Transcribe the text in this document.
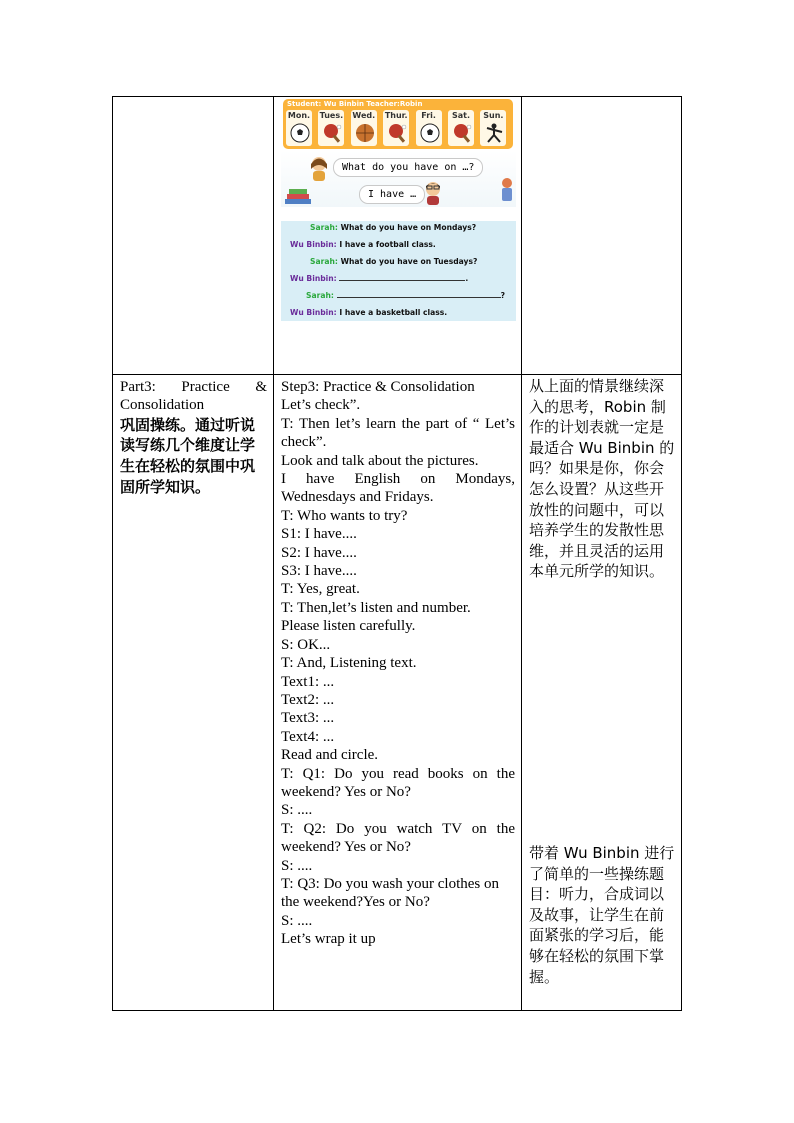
Student: Wu Binbin Teacher:Robin
Mon. Tues. Wed. Thur.	Fri.	Sat.	Sun.
What do you have on …?
I have …
Sarah: What do you have on Mondays?
Wu Binbin: I have a football class.
Sarah: What do you have on Tuesdays?
Wu Binbin:	.
Sarah:	?
Wu Binbin: I have a basketball class.
Part3: Practice &
Consolidation
巩固操练。通过听说
读写练几个维度让学
生在轻松的氛围中巩
固所学知识。
Step3: Practice & Consolidation
Let’s check”.
T: Then let’s learn the part of “ Let’s
check”.
Look and talk about the pictures.
I have English on Mondays,
Wednesdays and Fridays.
T: Who wants to try?
S1: I have....
S2: I have....
S3: I have....
T: Yes, great.
T: Then,let’s listen and number.
Please listen carefully.
S: OK...
T: And, Listening text.
Text1: ...
Text2: ...
Text3: ...
Text4: ...
Read and circle.
T: Q1: Do you read books on the
weekend? Yes or No?
S: ....
T: Q2: Do you watch TV on the
weekend? Yes or No?
S: ....
T: Q3: Do you wash your clothes on
the weekend?Yes or No?
S: ....
Let’s wrap it up
从上面的情景继续深
入的思考，Robin 制
作的计划表就一定是
最适合 Wu Binbin 的
吗？如果是你，你会
怎么设置？从这些开
放性的问题中，可以
培养学生的发散性思
维，并且灵活的运用
本单元所学的知识。
带着 Wu Binbin 进行
了简单的一些操练题
目：听力，合成词以
及故事，让学生在前
面紧张的学习后，能
够在轻松的氛围下掌
握。
